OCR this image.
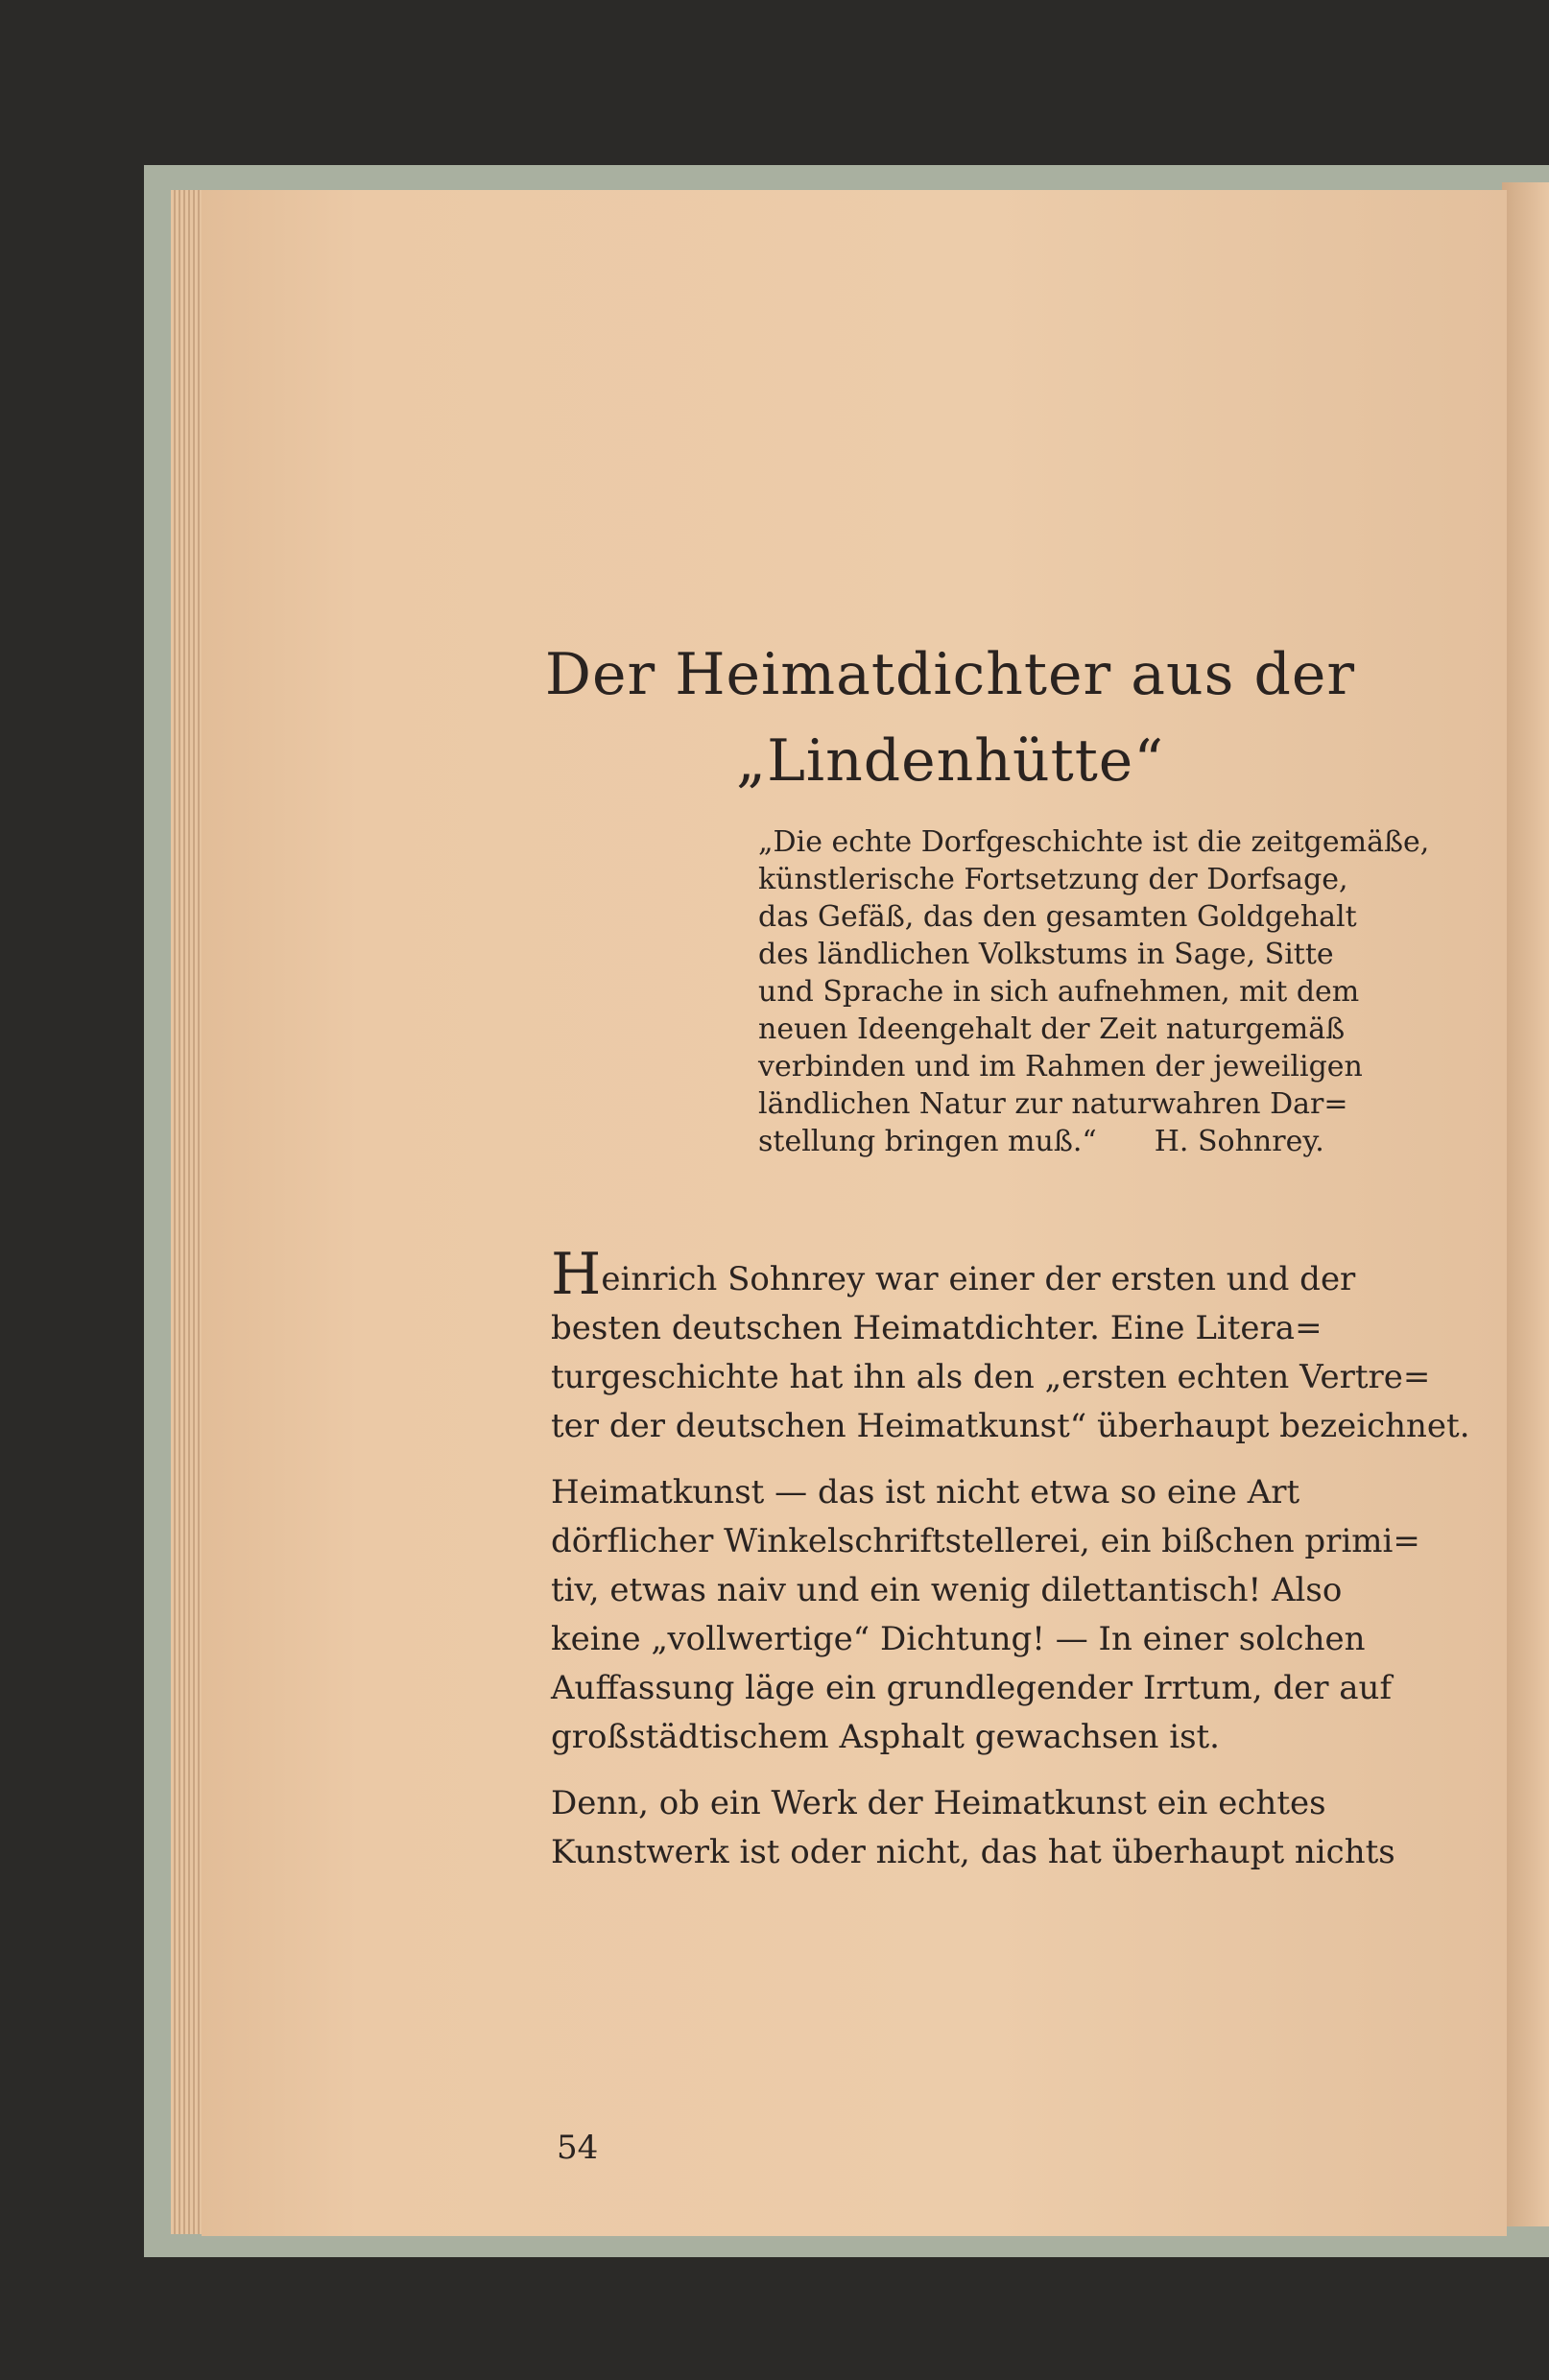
Der Heimatdichter aus der
„Lindenhütte“
„Die echte Dorfgeschichte ist die zeitgemäße,
künstlerische Fortsetzung der Dorfsage,
das Gefäß, das den gesamten Goldgehalt
des ländlichen Volkstums in Sage, Sitte
und Sprache in sich aufnehmen, mit dem
neuen Ideengehalt der Zeit naturgemäß
verbinden und im Rahmen der jeweiligen
ländlichen Natur zur naturwahren Dar=
stellung bringen muß.“ H. Sohnrey.
Heinrich Sohnrey war einer der ersten und der
besten deutschen Heimatdichter. Eine Litera=
turgeschichte hat ihn als den „ersten echten Vertre=
ter der deutschen Heimatkunst“ überhaupt bezeichnet.
Heimatkunst — das ist nicht etwa so eine Art
dörflicher Winkelschriftstellerei, ein bißchen primi=
tiv, etwas naiv und ein wenig dilettantisch! Also
keine „vollwertige“ Dichtung! — In einer solchen
Auffassung läge ein grundlegender Irrtum, der auf
großstädtischem Asphalt gewachsen ist.
Denn, ob ein Werk der Heimatkunst ein echtes
Kunstwerk ist oder nicht, das hat überhaupt nichts
54
